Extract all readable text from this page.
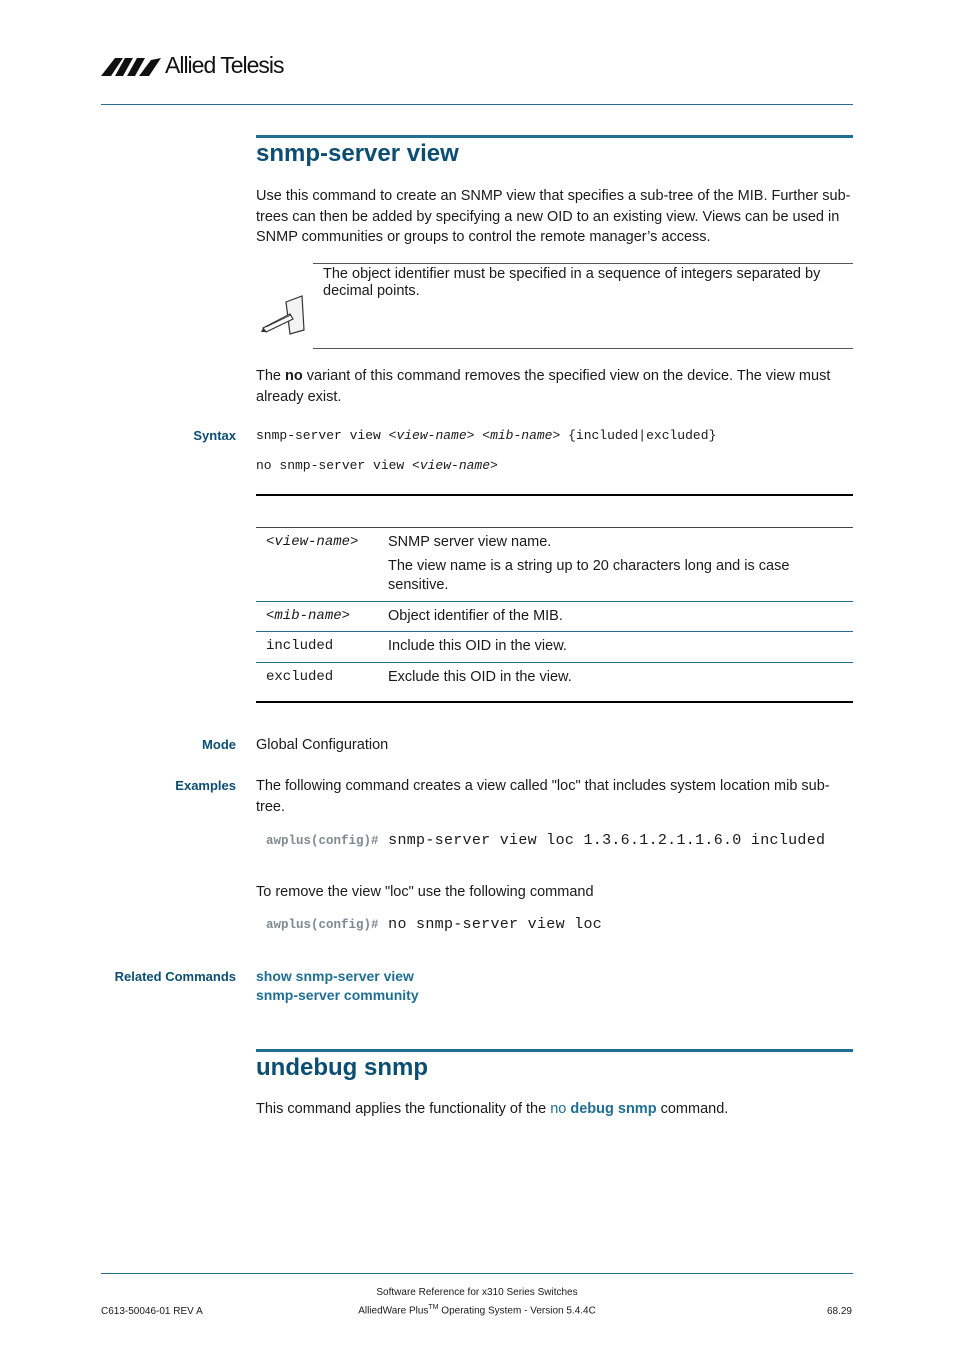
Allied Telesis
snmp-server view
Use this command to create an SNMP view that specifies a sub-tree of the MIB. Further sub-trees can then be added by specifying a new OID to an existing view. Views can be used in SNMP communities or groups to control the remote manager’s access.
The object identifier must be specified in a sequence of integers separated by decimal points.
The no variant of this command removes the specified view on the device. The view must already exist.
Syntax snmp-server view <view-name> <mib-name> {included|excluded}
no snmp-server view <view-name>
<view-name>	SNMP server view name.
The view name is a string up to 20 characters long and is case sensitive.

<mib-name>	Object identifier of the MIB.

included	Include this OID in the view.

excluded	Exclude this OID in the view.
Mode Global Configuration
Examples The following command creates a view called "loc" that includes system location mib sub-tree.
awplus(config)# snmp-server view loc 1.3.6.1.2.1.1.6.0 included
To remove the view "loc" use the following command
awplus(config)# no snmp-server view loc
Related Commands show snmp-server view
snmp-server community
undebug snmp
This command applies the functionality of the no debug snmp command.
C613-50046-01 REV A
Software Reference for x310 Series Switches
AlliedWare Plus™ Operating System - Version 5.4.4C	68.29
